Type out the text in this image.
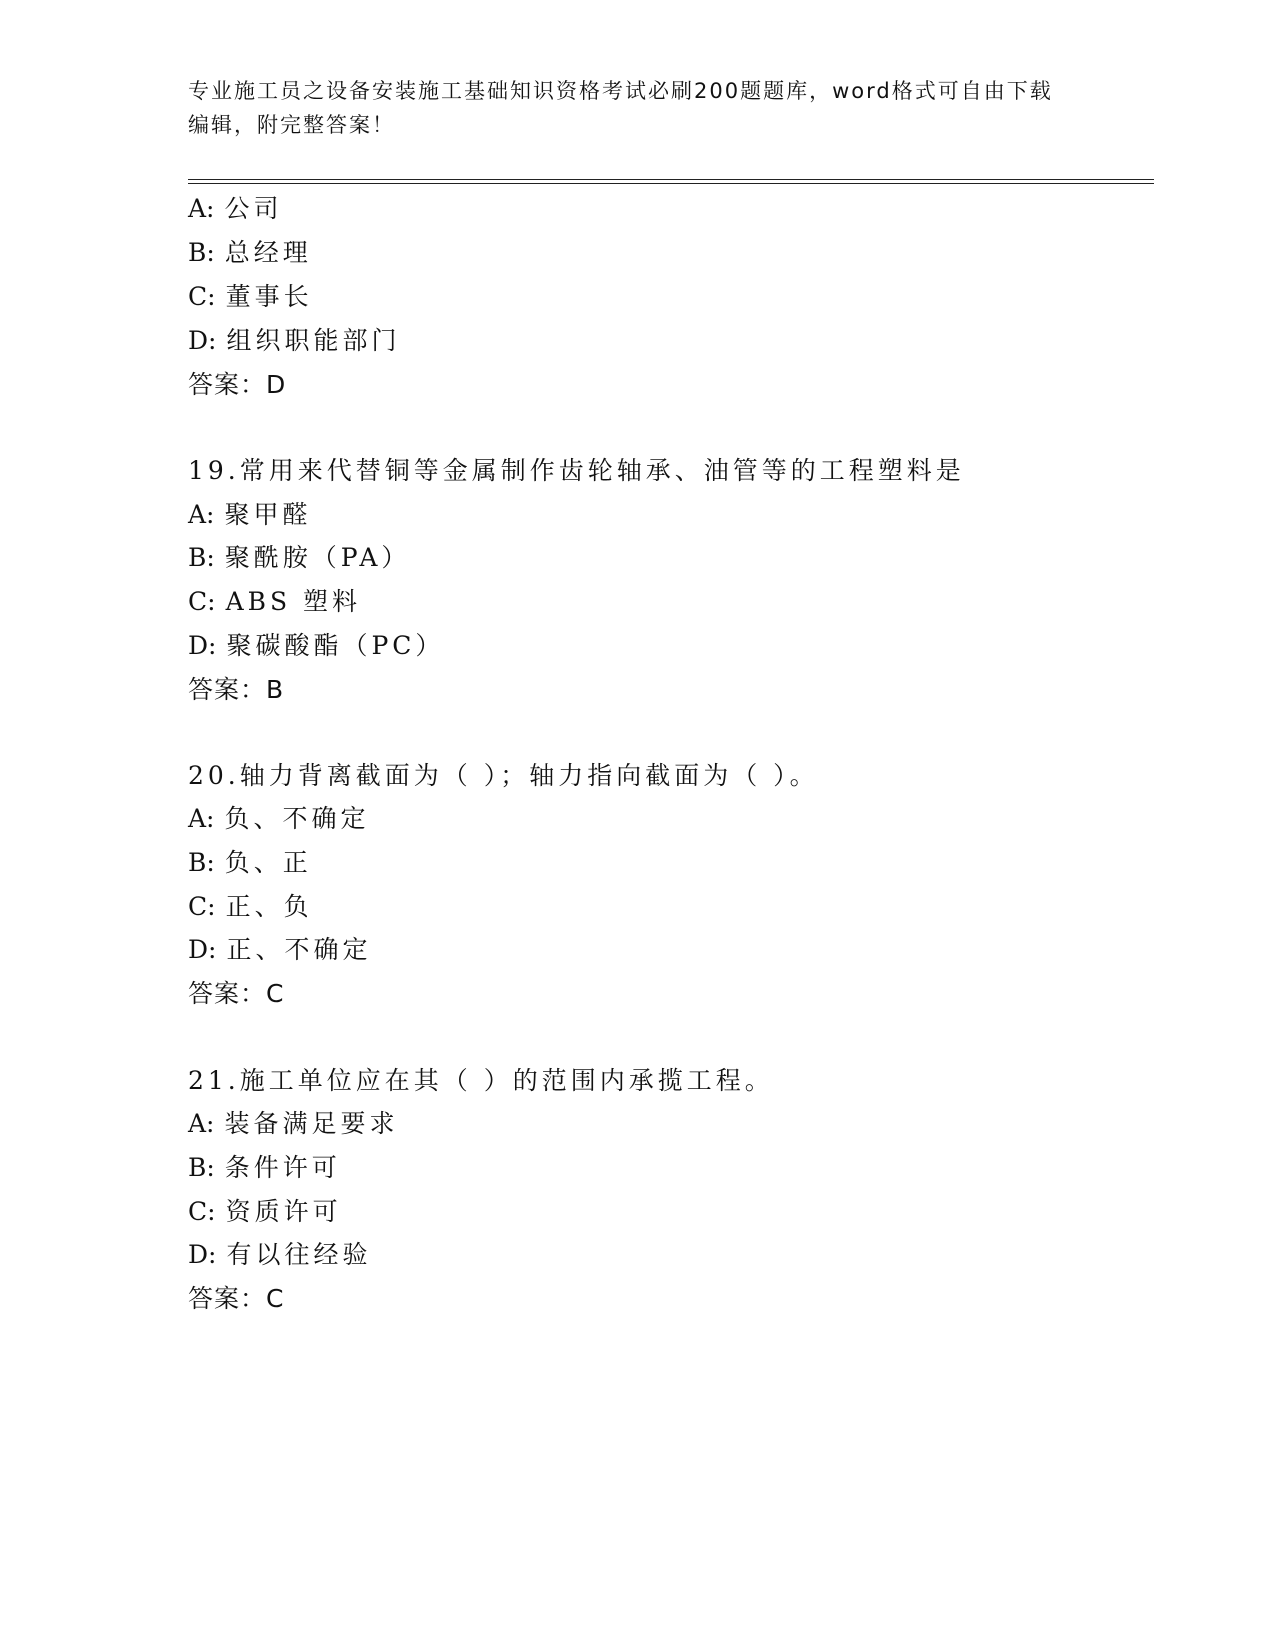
专业施工员之设备安装施工基础知识资格考试必刷200题题库，word格式可自由下载编辑，附完整答案！
A: 公司
B: 总经理
C: 董事长
D: 组织职能部门
答案：D
19.常用来代替铜等金属制作齿轮轴承、油管等的工程塑料是
A: 聚甲醛
B: 聚酰胺（PA）
C: ABS 塑料
D: 聚碳酸酯（PC）
答案：B
20.轴力背离截面为（ ）；轴力指向截面为（ ）。
A: 负、不确定
B: 负、正
C: 正、负
D: 正、不确定
答案：C
21.施工单位应在其（ ）的范围内承揽工程。
A: 装备满足要求
B: 条件许可
C: 资质许可
D: 有以往经验
答案：C
